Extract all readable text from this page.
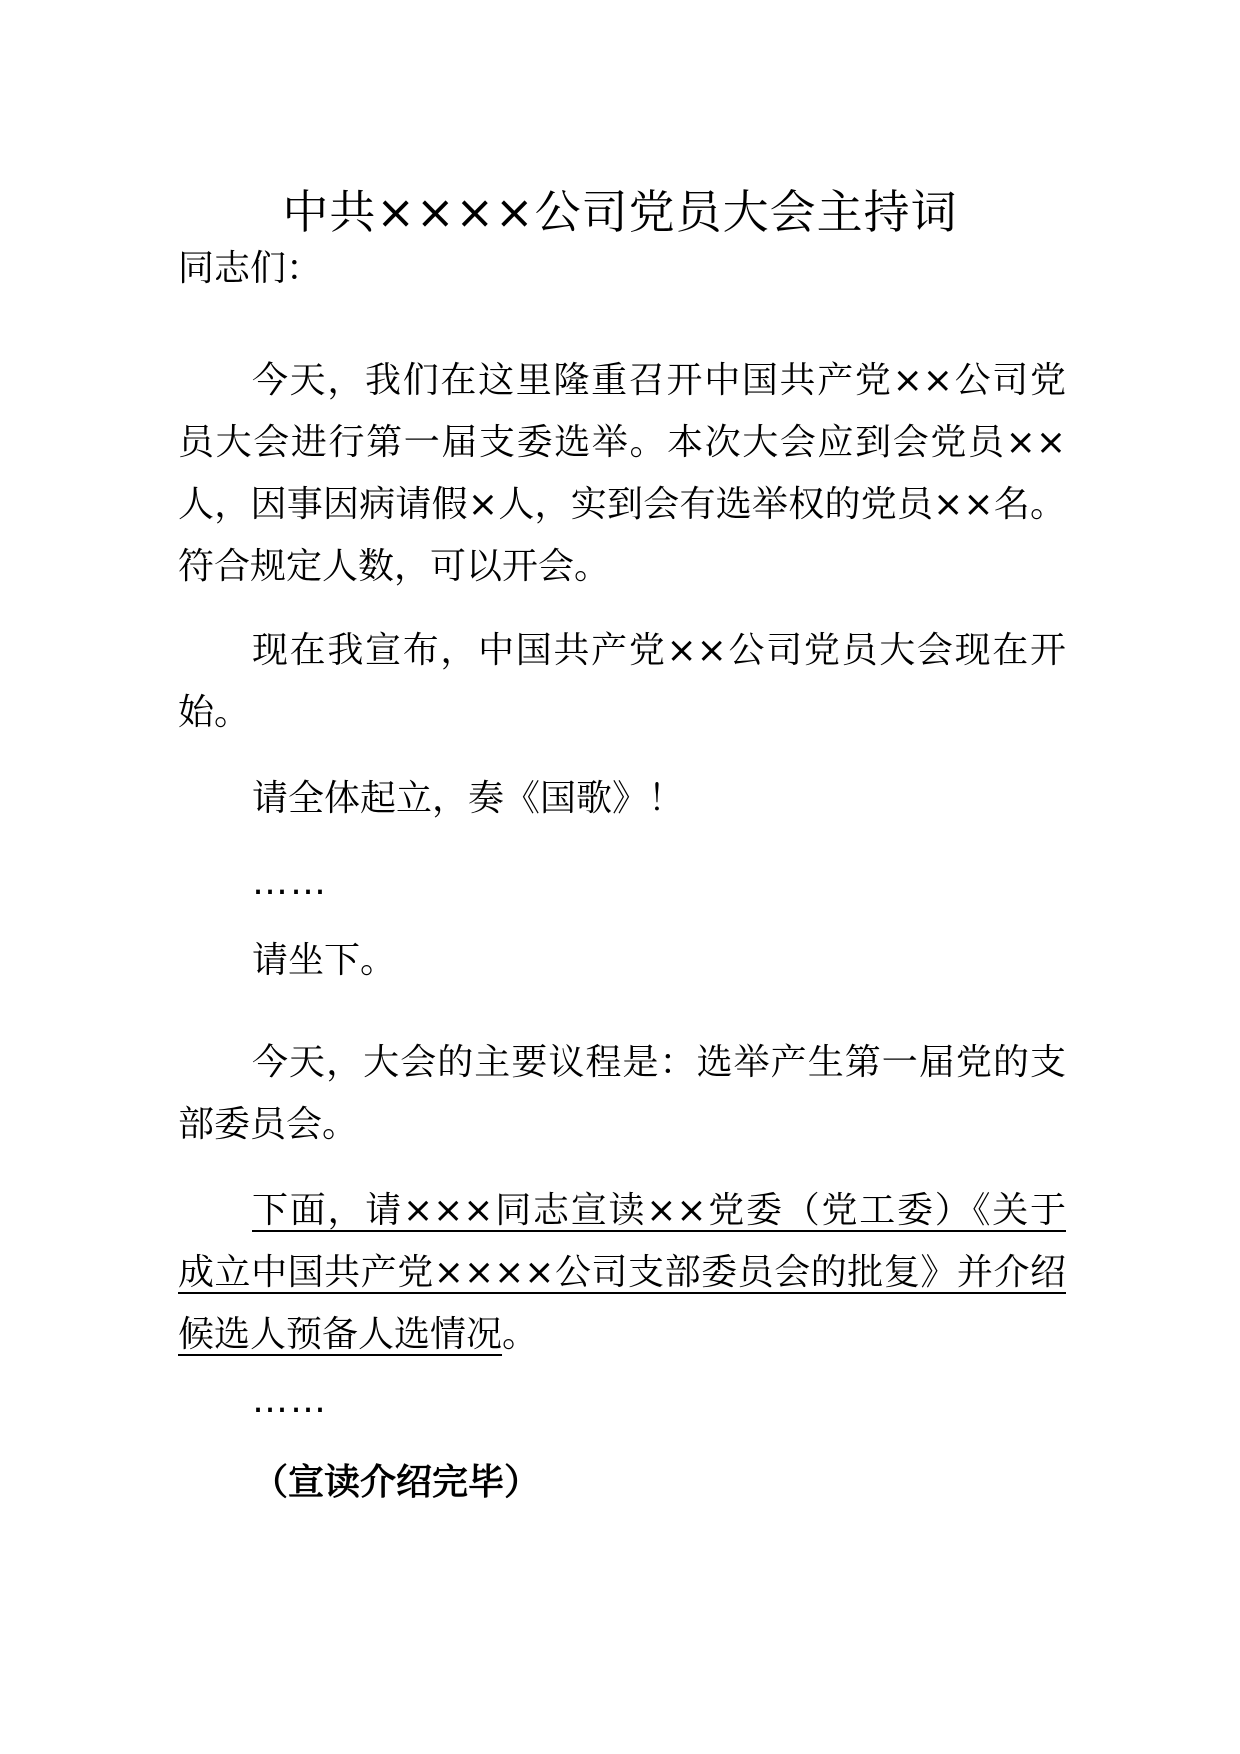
中共××××公司党员大会主持词

同志们：

今天，我们在这里隆重召开中国共产党××公司党员大会进行第一届支委选举。本次大会应到会党员××人，因事因病请假×人，实到会有选举权的党员××名。符合规定人数，可以开会。

现在我宣布，中国共产党××公司党员大会现在开始。

请全体起立，奏《国歌》！

……

请坐下。

今天，大会的主要议程是：选举产生第一届党的支部委员会。

下面，请×××同志宣读××党委（党工委）《关于成立中国共产党××××公司支部委员会的批复》并介绍候选人预备人选情况。

……

（宣读介绍完毕）
